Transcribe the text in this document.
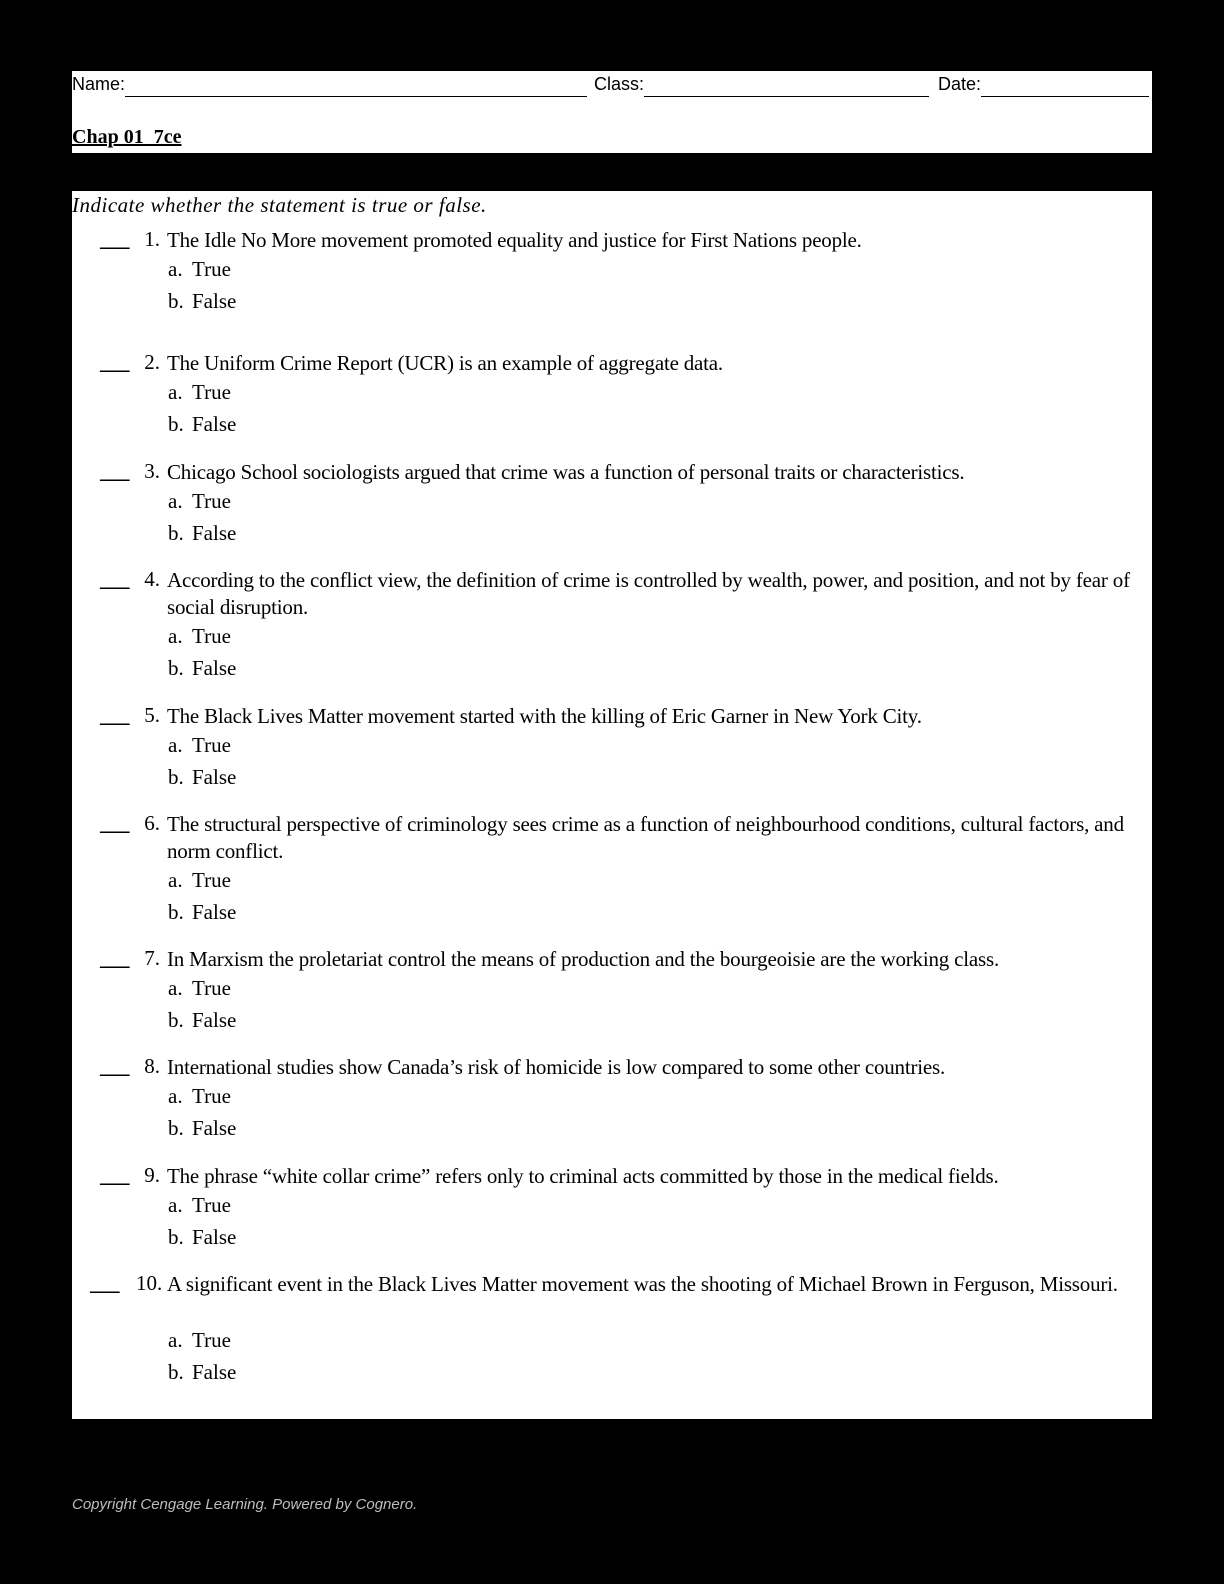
Name:	Class:	Date:
Chap 01_7ce
Indicate whether the statement is true or false.
___ 1. The Idle No More movement promoted equality and justice for First Nations people.
a. True
b. False
___ 2. The Uniform Crime Report (UCR) is an example of aggregate data.
a. True
b. False
___ 3. Chicago School sociologists argued that crime was a function of personal traits or characteristics.
a. True
b. False
___ 4. According to the conflict view, the definition of crime is controlled by wealth, power, and position, and not by fear of social disruption.
a. True
b. False
___ 5. The Black Lives Matter movement started with the killing of Eric Garner in New York City.
a. True
b. False
___ 6. The structural perspective of criminology sees crime as a function of neighbourhood conditions, cultural factors, and norm conflict.
a. True
b. False
___ 7. In Marxism the proletariat control the means of production and the bourgeoisie are the working class.
a. True
b. False
___ 8. International studies show Canada’s risk of homicide is low compared to some other countries.
a. True
b. False
___ 9. The phrase “white collar crime” refers only to criminal acts committed by those in the medical fields.
a. True
b. False
___ 10. A significant event in the Black Lives Matter movement was the shooting of Michael Brown in Ferguson, Missouri.
a. True
b. False
Copyright Cengage Learning. Powered by Cognero.
